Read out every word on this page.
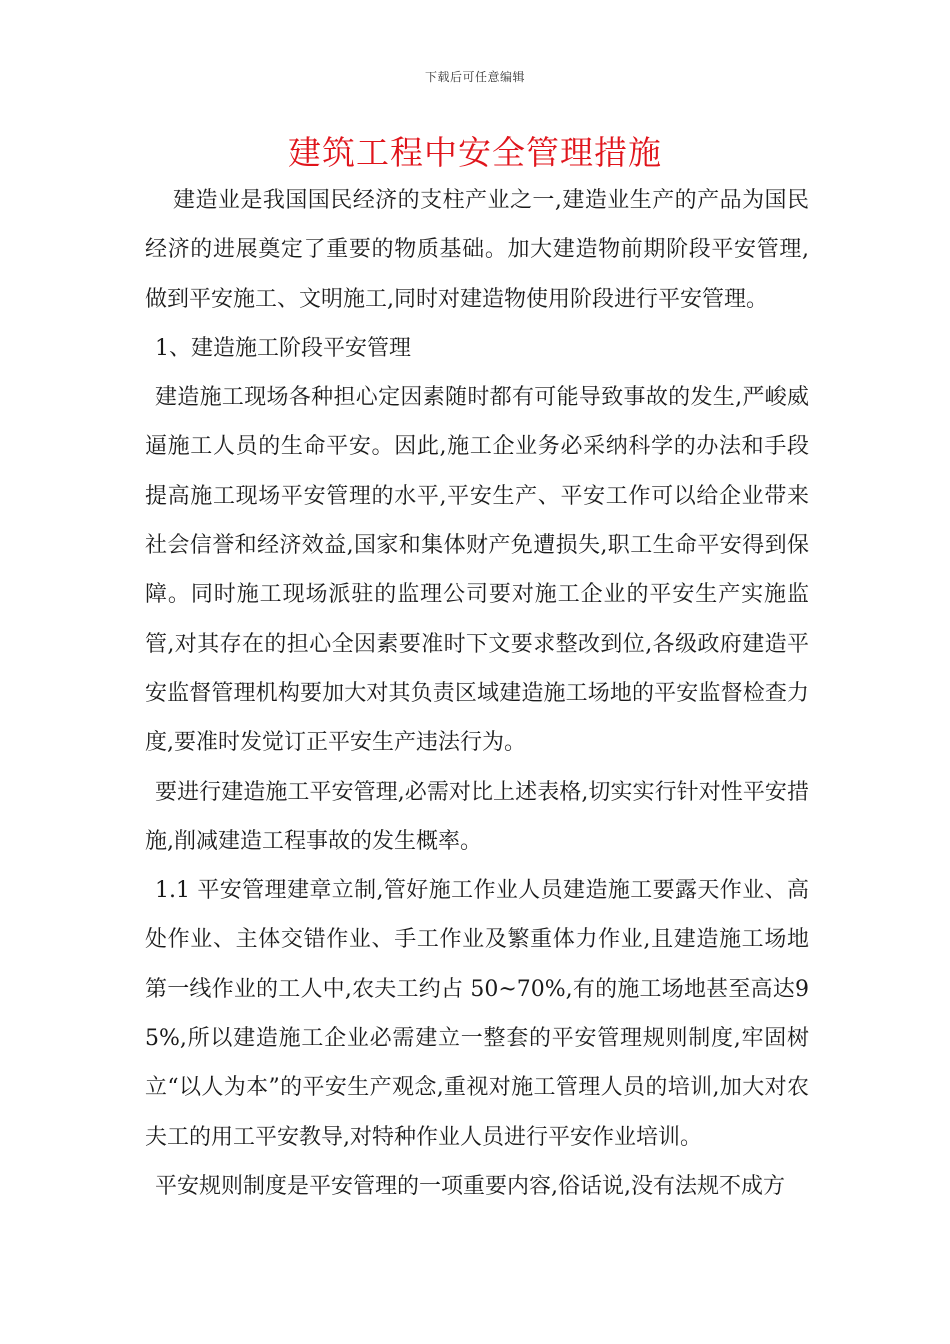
下载后可任意编辑
建筑工程中安全管理措施

建造业是我国国民经济的支柱产业之一,建造业生产的产品为国民经济的进展奠定了重要的物质基础。加大建造物前期阶段平安管理,做到平安施工、文明施工,同时对建造物使用阶段进行平安管理。

1、建造施工阶段平安管理

建造施工现场各种担心定因素随时都有可能导致事故的发生,严峻威逼施工人员的生命平安。因此,施工企业务必采纳科学的办法和手段提高施工现场平安管理的水平,平安生产、平安工作可以给企业带来社会信誉和经济效益,国家和集体财产免遭损失,职工生命平安得到保障。同时施工现场派驻的监理公司要对施工企业的平安生产实施监管,对其存在的担心全因素要准时下文要求整改到位,各级政府建造平安监督管理机构要加大对其负责区域建造施工场地的平安监督检查力度,要准时发觉订正平安生产违法行为。

要进行建造施工平安管理,必需对比上述表格,切实实行针对性平安措施,削减建造工程事故的发生概率。

1.1 平安管理建章立制,管好施工作业人员建造施工要露天作业、高处作业、主体交错作业、手工作业及繁重体力作业,且建造施工场地第一线作业的工人中,农夫工约占 50~70%,有的施工场地甚至高达95%,所以建造施工企业必需建立一整套的平安管理规则制度,牢固树立“以人为本”的平安生产观念,重视对施工管理人员的培训,加大对农夫工的用工平安教导,对特种作业人员进行平安作业培训。

平安规则制度是平安管理的一项重要内容,俗话说,没有法规不成方
